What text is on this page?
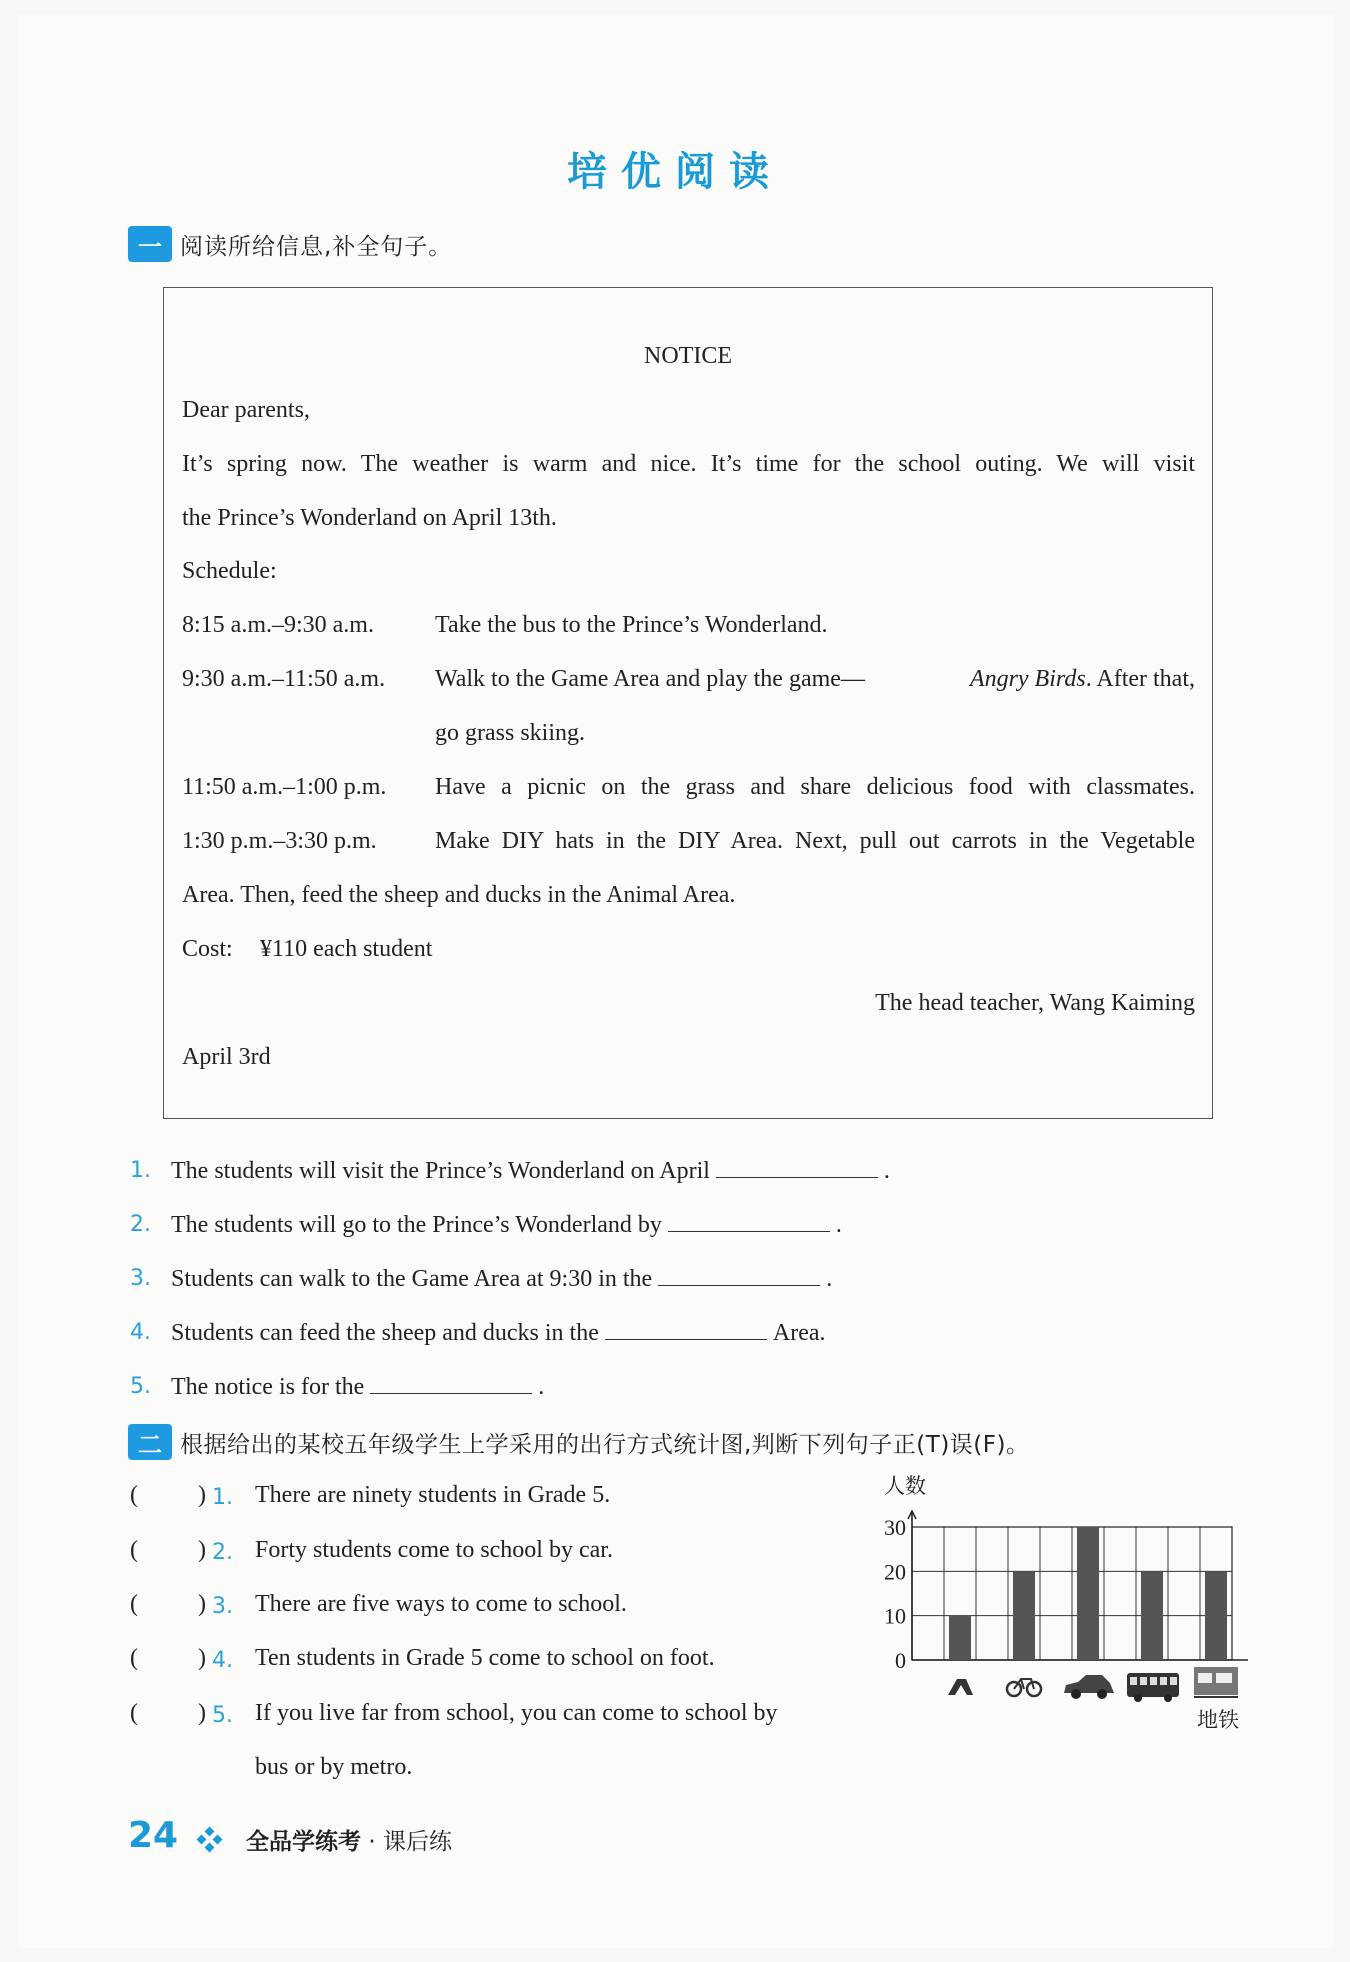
培优阅读
一 阅读所给信息,补全句子。
NOTICE
Dear parents,
It’s spring now. The weather is warm and nice. It’s time for the school outing. We will visit
the Prince’s Wonderland on April 13th.
Schedule:
8:15 a.m.–9:30 a.m.	Take the bus to the Prince’s Wonderland.
9:30 a.m.–11:50 a.m. Walk to the Game Area and play the game—	Angry Birds . After that,
go grass skiing.
11:50 a.m.–1:00 p.m. Have a picnic on the grass and share delicious food with classmates.
1:30 p.m.–3:30 p.m. Make DIY hats in the DIY Area. Next, pull out carrots in the Vegetable
Area. Then, feed the sheep and ducks in the Animal Area.
Cost: ¥110 each student
The head teacher, Wang Kaiming
April 3rd
1. The students will visit the Prince’s Wonderland on April	.
2. The students will go to the Prince’s Wonderland by	.
3. Students can walk to the Game Area at 9:30 in the	.
4. Students can feed the sheep and ducks in the	Area.
5. The notice is for the	.
二 根据给出的某校五年级学生上学采用的出行方式统计图,判断下列句子正(T)误(F)。
(	) 1. There are ninety students in Grade 5.
(	) 2. Forty students come to school by car.
(	) 3. There are five ways to come to school.
(	) 4. Ten students in Grade 5 come to school on foot.
(	) 5. If you live far from school, you can come to school by
bus or by metro.
人数
30
20
10
0
地铁
24	全品学练考 · 课后练
